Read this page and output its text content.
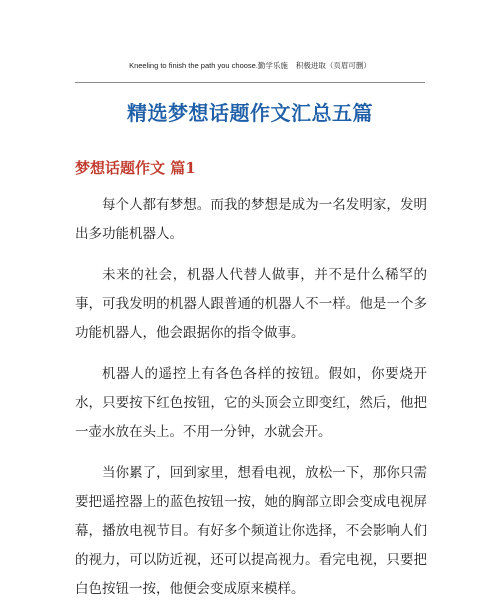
Kneeling to finish the path you choose.勤学乐施 积极进取（页眉可删）
精选梦想话题作文汇总五篇
梦想话题作文 篇1

每个人都有梦想。而我的梦想是成为一名发明家，发明出多功能机器人。

未来的社会，机器人代替人做事，并不是什么稀罕的事，可我发明的机器人跟普通的机器人不一样。他是一个多功能机器人，他会跟据你的指令做事。

机器人的遥控上有各色各样的按钮。假如，你要烧开水，只要按下红色按钮，它的头顶会立即变红，然后，他把一壶水放在头上。不用一分钟，水就会开。

当你累了，回到家里，想看电视，放松一下，那你只需要把遥控器上的蓝色按钮一按，她的胸部立即会变成电视屏幕，播放电视节目。有好多个频道让你选择，不会影响人们的视力，可以防近视，还可以提高视力。看完电视，只要把白色按钮一按，他便会变成原来模样。
